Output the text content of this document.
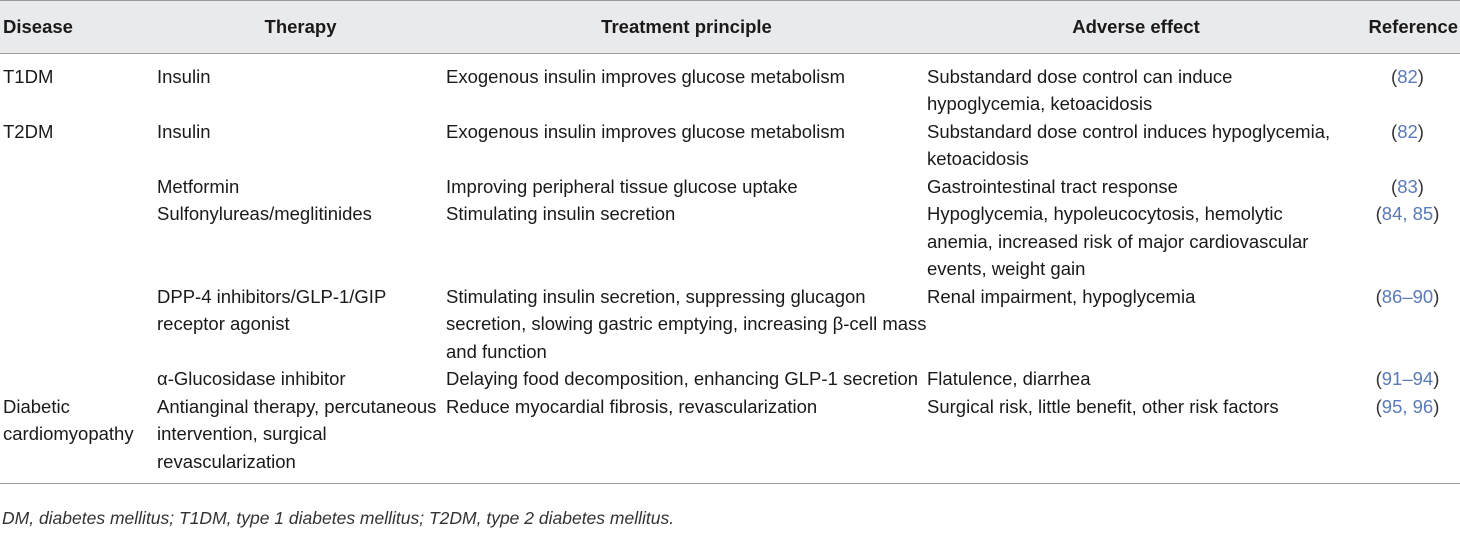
Disease	Therapy	Treatment principle	Adverse effect	Reference
T1DM	Insulin	Exogenous insulin improves glucose metabolism	Substandard dose control can induce hypoglycemia, ketoacidosis	(82)
T2DM	Insulin	Exogenous insulin improves glucose metabolism	Substandard dose control induces hypoglycemia, ketoacidosis	(82)
	Metformin	Improving peripheral tissue glucose uptake	Gastrointestinal tract response	(83)
	Sulfonylureas/meglitinides	Stimulating insulin secretion	Hypoglycemia, hypoleucocytosis, hemolytic anemia, increased risk of major cardiovascular events, weight gain	(84, 85)
	DPP-4 inhibitors/GLP-1/GIP receptor agonist	Stimulating insulin secretion, suppressing glucagon secretion, slowing gastric emptying, increasing β-cell mass and function	Renal impairment, hypoglycemia	(86–90)
	α-Glucosidase inhibitor	Delaying food decomposition, enhancing GLP-1 secretion	Flatulence, diarrhea	(91–94)
Diabetic cardiomyopathy	Antianginal therapy, percutaneous intervention, surgical revascularization	Reduce myocardial fibrosis, revascularization	Surgical risk, little benefit, other risk factors	(95, 96)
DM, diabetes mellitus; T1DM, type 1 diabetes mellitus; T2DM, type 2 diabetes mellitus.
